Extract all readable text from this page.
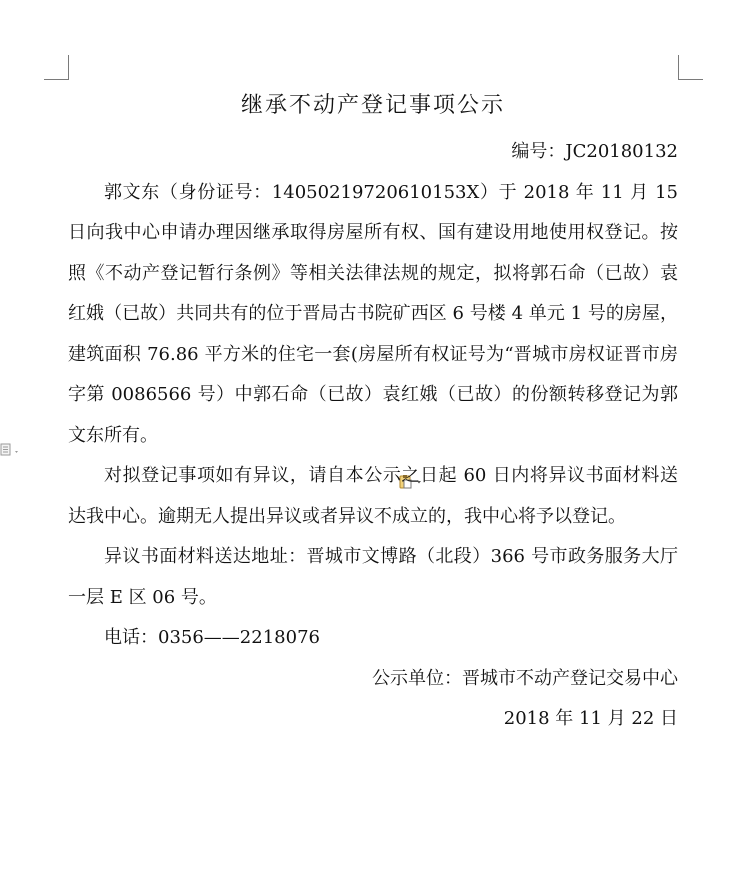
继承不动产登记事项公示

编号：JC20180132

郭文东（身份证号：14050219720610153X）于 2018 年 11 月 15 日向我中心申请办理因继承取得房屋所有权、国有建设用地使用权登记。按照《不动产登记暂行条例》等相关法律法规的规定，拟将郭石命（已故）袁红娥（已故）共同共有的位于晋局古书院矿西区 6 号楼 4 单元 1 号的房屋，建筑面积 76.86 平方米的住宅一套(房屋所有权证号为“晋城市房权证晋市房字第 0086566 号）中郭石命（已故）袁红娥（已故）的份额转移登记为郭文东所有。

对拟登记事项如有异议，请自本公示之日起 60 日内将异议书面材料送达我中心。逾期无人提出异议或者异议不成立的，我中心将予以登记。

异议书面材料送达地址：晋城市文博路（北段）366 号市政务服务大厅一层 E 区 06 号。

电话：0356——2218076

公示单位：晋城市不动产登记交易中心

2018 年 11 月 22 日
